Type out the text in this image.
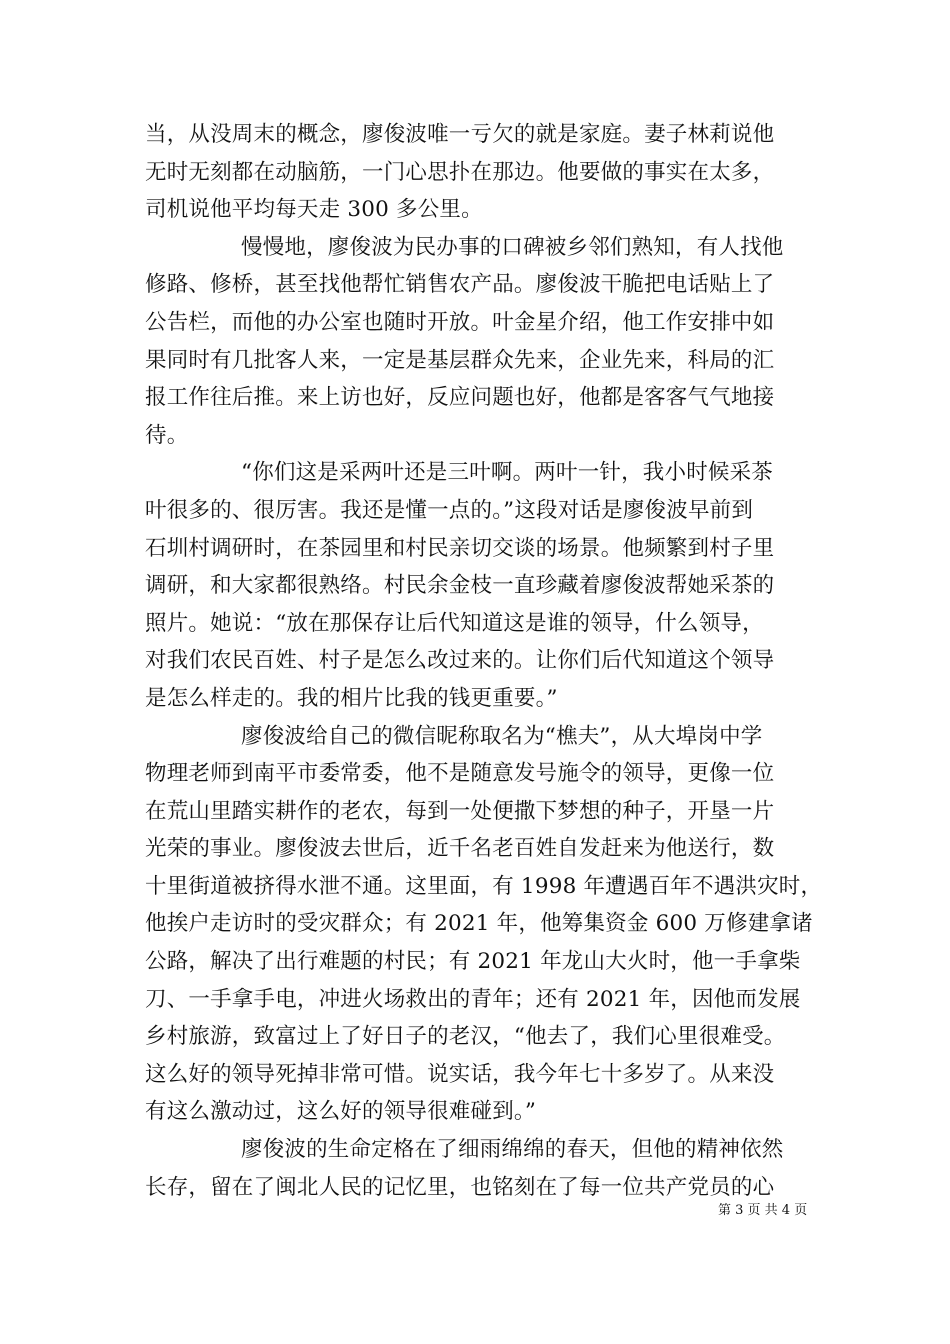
当，从没周末的概念，廖俊波唯一亏欠的就是家庭。妻子林莉说他
无时无刻都在动脑筋，一门心思扑在那边。他要做的事实在太多，
司机说他平均每天走 300 多公里。
慢慢地，廖俊波为民办事的口碑被乡邻们熟知，有人找他
修路、修桥，甚至找他帮忙销售农产品。廖俊波干脆把电话贴上了
公告栏，而他的办公室也随时开放。叶金星介绍，他工作安排中如
果同时有几批客人来，一定是基层群众先来，企业先来，科局的汇
报工作往后推。来上访也好，反应问题也好，他都是客客气气地接
待。
“你们这是采两叶还是三叶啊。两叶一针，我小时候采茶
叶很多的、很厉害。我还是懂一点的。”这段对话是廖俊波早前到
石圳村调研时，在茶园里和村民亲切交谈的场景。他频繁到村子里
调研，和大家都很熟络。村民余金枝一直珍藏着廖俊波帮她采茶的
照片。她说：“放在那保存让后代知道这是谁的领导，什么领导，
对我们农民百姓、村子是怎么改过来的。让你们后代知道这个领导
是怎么样走的。我的相片比我的钱更重要。”
廖俊波给自己的微信昵称取名为“樵夫”，从大埠岗中学
物理老师到南平市委常委，他不是随意发号施令的领导，更像一位
在荒山里踏实耕作的老农，每到一处便撒下梦想的种子，开垦一片
光荣的事业。廖俊波去世后，近千名老百姓自发赶来为他送行，数
十里街道被挤得水泄不通。这里面，有 1998 年遭遇百年不遇洪灾时，
他挨户走访时的受灾群众；有 2021 年，他筹集资金 600 万修建拿诸
公路，解决了出行难题的村民；有 2021 年龙山大火时，他一手拿柴
刀、一手拿手电，冲进火场救出的青年；还有 2021 年，因他而发展
乡村旅游，致富过上了好日子的老汉，“他去了，我们心里很难受。
这么好的领导死掉非常可惜。说实话，我今年七十多岁了。从来没
有这么激动过，这么好的领导很难碰到。”
廖俊波的生命定格在了细雨绵绵的春天，但他的精神依然
长存，留在了闽北人民的记忆里，也铭刻在了每一位共产党员的心
第 3 页 共 4 页
